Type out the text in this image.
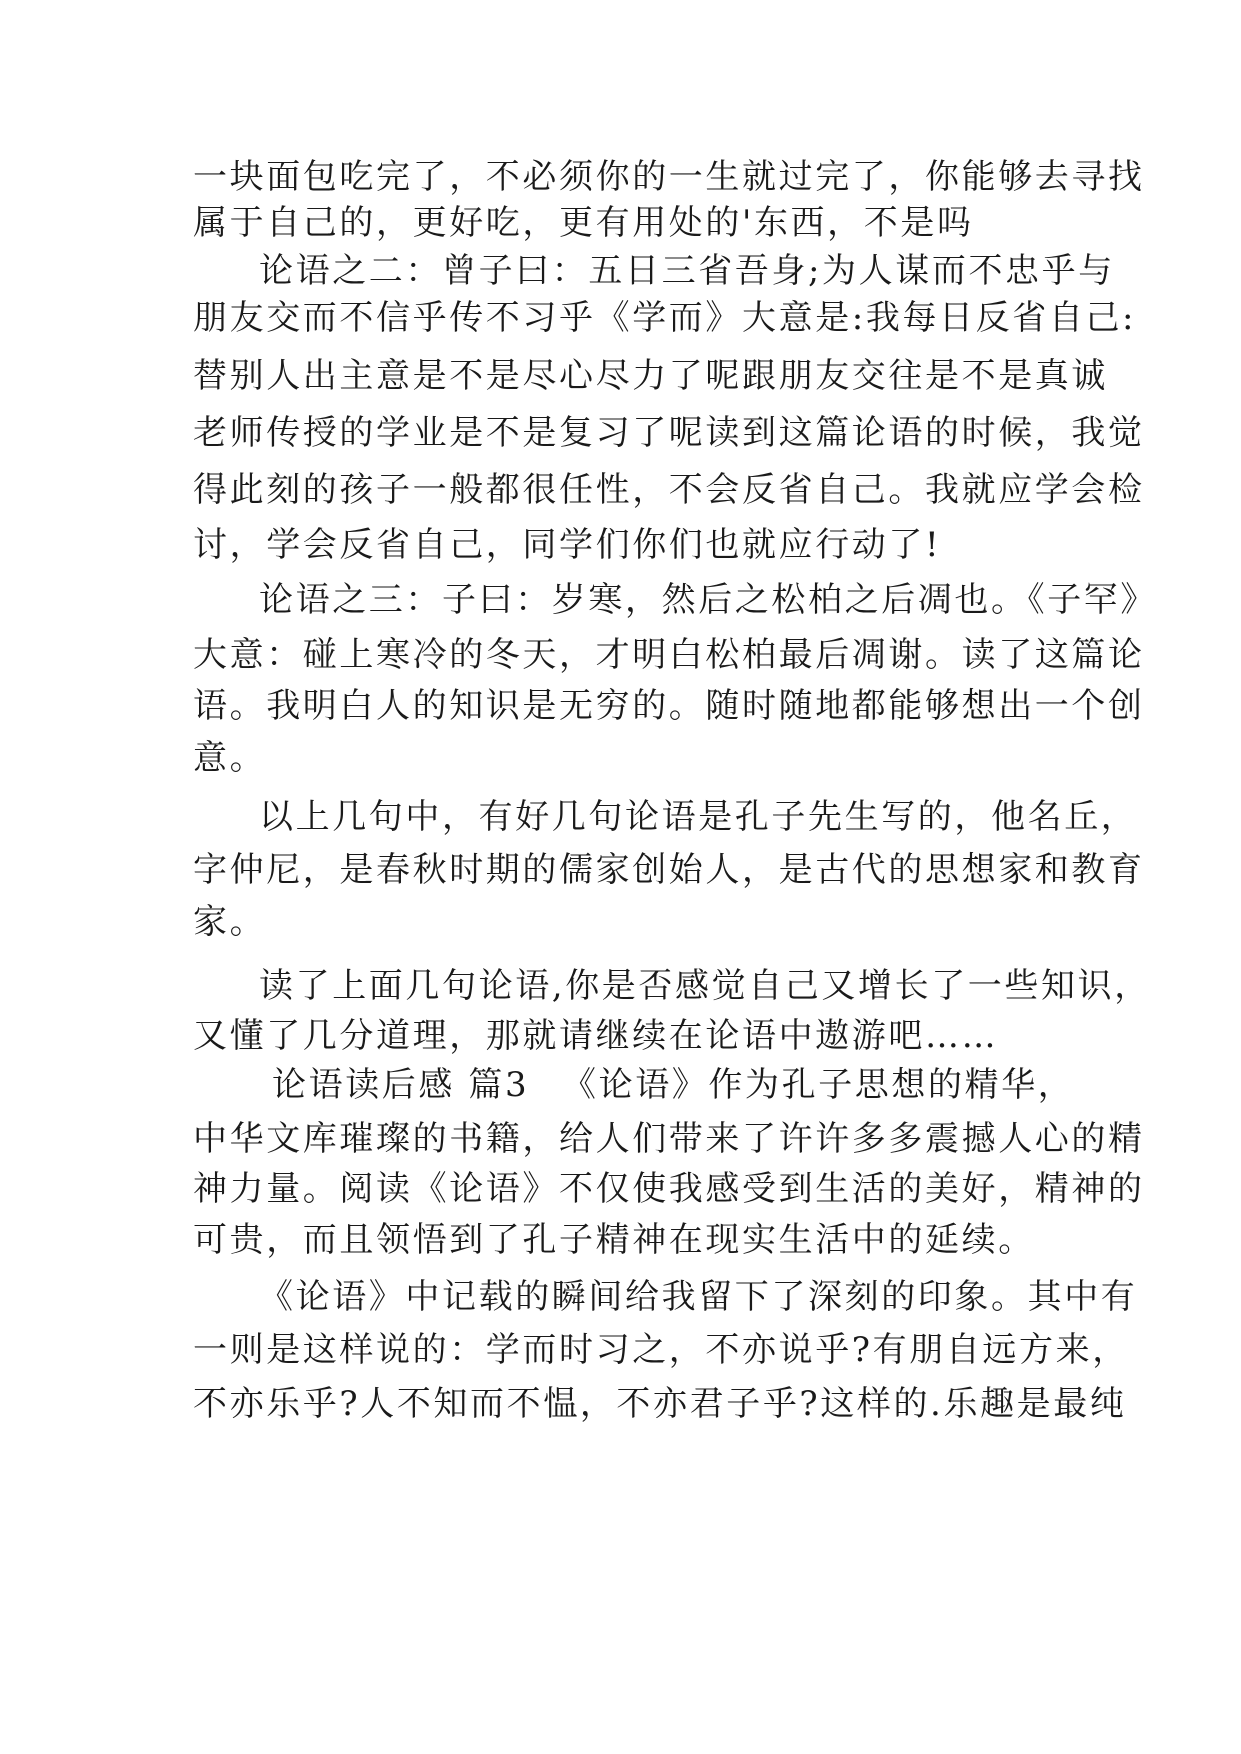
一块面包吃完了，不必须你的一生就过完了，你能够去寻找
属于自己的，更好吃，更有用处的'东西，不是吗
论语之二：曾子曰：五日三省吾身;为人谋而不忠乎与
朋友交而不信乎传不习乎《学而》大意是:我每日反省自己:
替别人出主意是不是尽心尽力了呢跟朋友交往是不是真诚
老师传授的学业是不是复习了呢读到这篇论语的时候，我觉
得此刻的孩子一般都很任性，不会反省自己。我就应学会检
讨，学会反省自己，同学们你们也就应行动了!
论语之三：子曰：岁寒，然后之松柏之后凋也。《子罕》
大意：碰上寒冷的冬天，才明白松柏最后凋谢。读了这篇论
语。我明白人的知识是无穷的。随时随地都能够想出一个创
意。
以上几句中，有好几句论语是孔子先生写的，他名丘，
字仲尼，是春秋时期的儒家创始人，是古代的思想家和教育
家。
读了上面几句论语,你是否感觉自己又增长了一些知识，
又懂了几分道理，那就请继续在论语中遨游吧……
论语读后感 篇3 《论语》作为孔子思想的精华，
中华文库璀璨的书籍，给人们带来了许许多多震撼人心的精
神力量。阅读《论语》不仅使我感受到生活的美好，精神的
可贵，而且领悟到了孔子精神在现实生活中的延续。
《论语》中记载的瞬间给我留下了深刻的印象。其中有
一则是这样说的：学而时习之，不亦说乎?有朋自远方来，
不亦乐乎?人不知而不愠，不亦君子乎?这样的.乐趣是最纯
